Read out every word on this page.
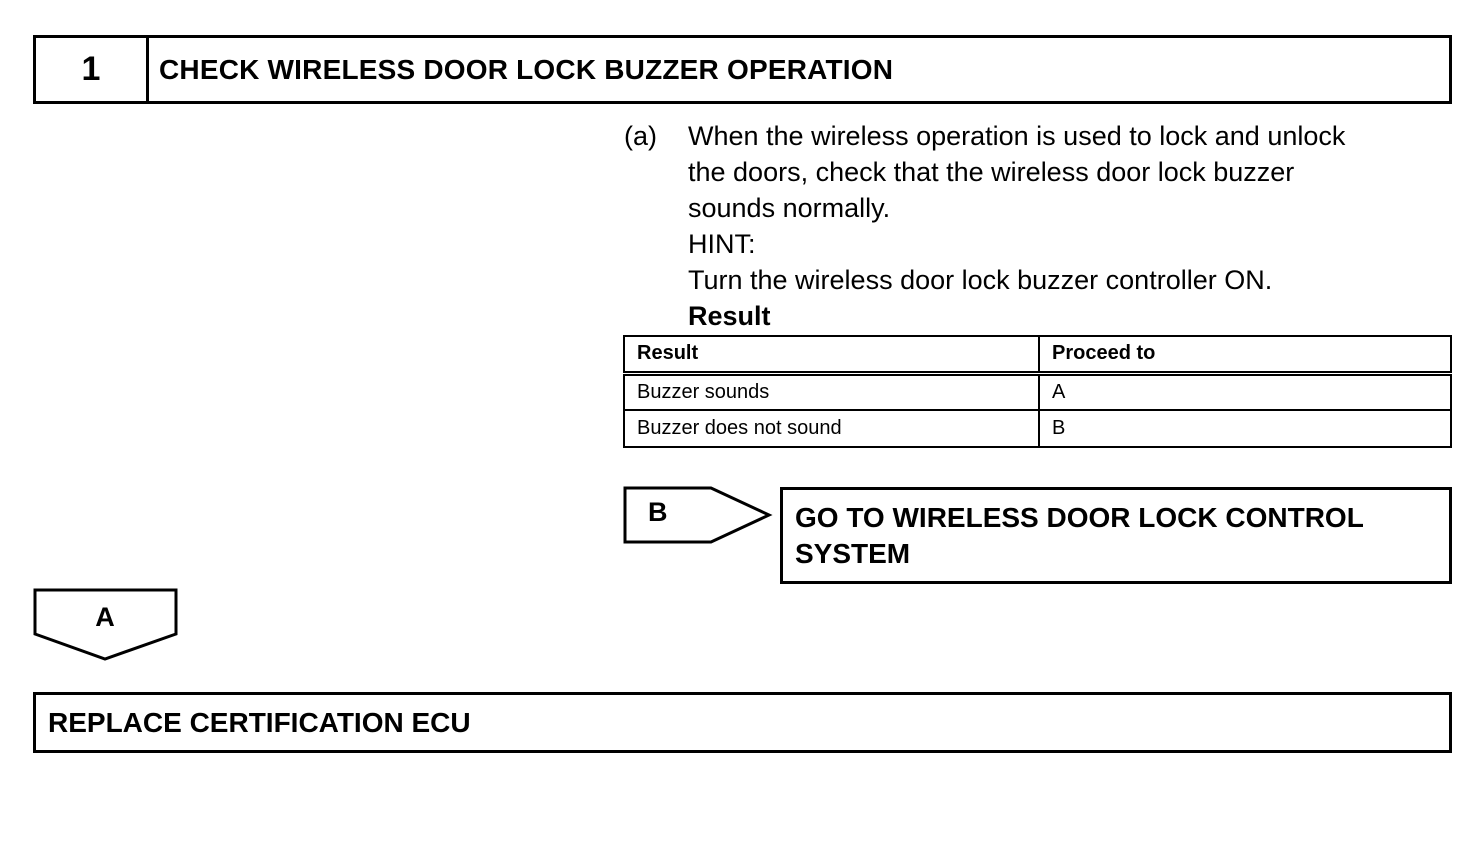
1	CHECK WIRELESS DOOR LOCK BUZZER OPERATION
(a) When the wireless operation is used to lock and unlock
the doors, check that the wireless door lock buzzer
sounds normally.
HINT:
Turn the wireless door lock buzzer controller ON.
Result
Result	Proceed to
Buzzer sounds	A
Buzzer does not sound	B
B	GO TO WIRELESS DOOR LOCK CONTROL
SYSTEM
A
REPLACE CERTIFICATION ECU
